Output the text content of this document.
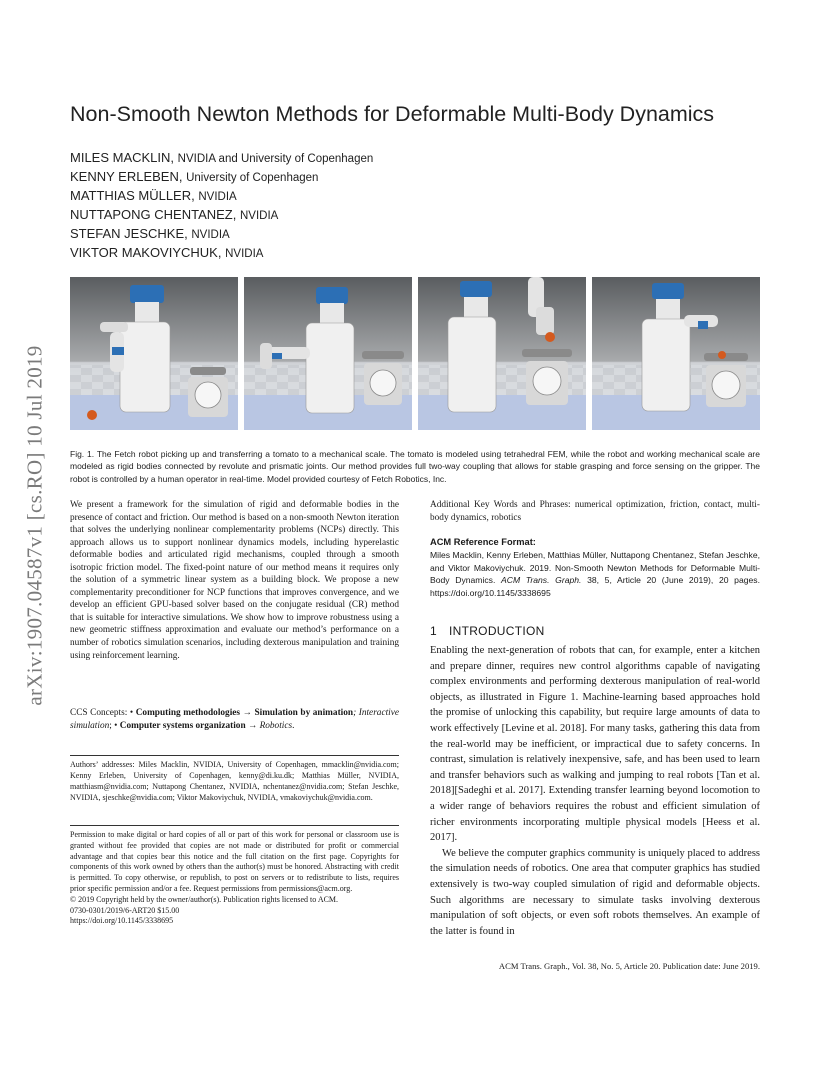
arXiv:1907.04587v1 [cs.RO] 10 Jul 2019
Non-Smooth Newton Methods for Deformable Multi-Body Dynamics
MILES MACKLIN, NVIDIA and University of Copenhagen
KENNY ERLEBEN, University of Copenhagen
MATTHIAS MÜLLER, NVIDIA
NUTTAPONG CHENTANEZ, NVIDIA
STEFAN JESCHKE, NVIDIA
VIKTOR MAKOVIYCHUK, NVIDIA
Fig. 1. The Fetch robot picking up and transferring a tomato to a mechanical scale. The tomato is modeled using tetrahedral FEM, while the robot and working mechanical scale are modeled as rigid bodies connected by revolute and prismatic joints. Our method provides full two-way coupling that allows for stable grasping and force sensing on the gripper. The robot is controlled by a human operator in real-time. Model provided courtesy of Fetch Robotics, Inc.
We present a framework for the simulation of rigid and deformable bodies in the presence of contact and friction. Our method is based on a non-smooth Newton iteration that solves the underlying nonlinear complementarity problems (NCPs) directly. This approach allows us to support nonlinear dynamics models, including hyperelastic deformable bodies and articulated rigid mechanisms, coupled through a smooth isotropic friction model. The fixed-point nature of our method means it requires only the solution of a symmetric linear system as a building block. We propose a new complementarity preconditioner for NCP functions that improves convergence, and we develop an efficient GPU-based solver based on the conjugate residual (CR) method that is suitable for interactive simulations. We show how to improve robustness using a new geometric stiffness approximation and evaluate our method’s performance on a number of robotics simulation scenarios, including dexterous manipulation and training using reinforcement learning.
CCS Concepts: • Computing methodologies → Simulation by animation; Interactive simulation; • Computer systems organization → Robotics.
Authors’ addresses: Miles Macklin, NVIDIA, University of Copenhagen, mmacklin@nvidia.com; Kenny Erleben, University of Copenhagen, kenny@di.ku.dk; Matthias Müller, NVIDIA, matthiasm@nvidia.com; Nuttapong Chentanez, NVIDIA, nchentanez@nvidia.com; Stefan Jeschke, NVIDIA, sjeschke@nvidia.com; Viktor Makoviychuk, NVIDIA, vmakoviychuk@nvidia.com.
Permission to make digital or hard copies of all or part of this work for personal or classroom use is granted without fee provided that copies are not made or distributed for profit or commercial advantage and that copies bear this notice and the full citation on the first page. Copyrights for components of this work owned by others than the author(s) must be honored. Abstracting with credit is permitted. To copy otherwise, or republish, to post on servers or to redistribute to lists, requires prior specific permission and/or a fee. Request permissions from permissions@acm.org.
© 2019 Copyright held by the owner/author(s). Publication rights licensed to ACM.
0730-0301/2019/6-ART20 $15.00
https://doi.org/10.1145/3338695
Additional Key Words and Phrases: numerical optimization, friction, contact, multi-body dynamics, robotics
ACM Reference Format:
Miles Macklin, Kenny Erleben, Matthias Müller, Nuttapong Chentanez, Stefan Jeschke, and Viktor Makoviychuk. 2019. Non-Smooth Newton Methods for Deformable Multi-Body Dynamics. ACM Trans. Graph. 38, 5, Article 20 (June 2019), 20 pages. https://doi.org/10.1145/3338695
1 INTRODUCTION

Enabling the next-generation of robots that can, for example, enter a kitchen and prepare dinner, requires new control algorithms capable of navigating complex environments and performing dexterous manipulation of real-world objects, as illustrated in Figure 1. Machine-learning based approaches hold the promise of unlocking this capability, but require large amounts of data to work effectively [Levine et al. 2018]. For many tasks, gathering this data from the real-world may be inefficient, or impractical due to safety concerns. In contrast, simulation is relatively inexpensive, safe, and has been used to learn and transfer behaviors such as walking and jumping to real robots [Tan et al. 2018][Sadeghi et al. 2017]. Extending transfer learning beyond locomotion to a wider range of behaviors requires the robust and efficient simulation of richer environments incorporating multiple physical models [Heess et al. 2017].

We believe the computer graphics community is uniquely placed to address the simulation needs of robotics. One area that computer graphics has studied extensively is two-way coupled simulation of rigid and deformable objects. Such algorithms are necessary to simulate tasks involving dexterous manipulation of soft objects, or even soft robots themselves. An example of the latter is found in

ACM Trans. Graph., Vol. 38, No. 5, Article 20. Publication date: June 2019.
